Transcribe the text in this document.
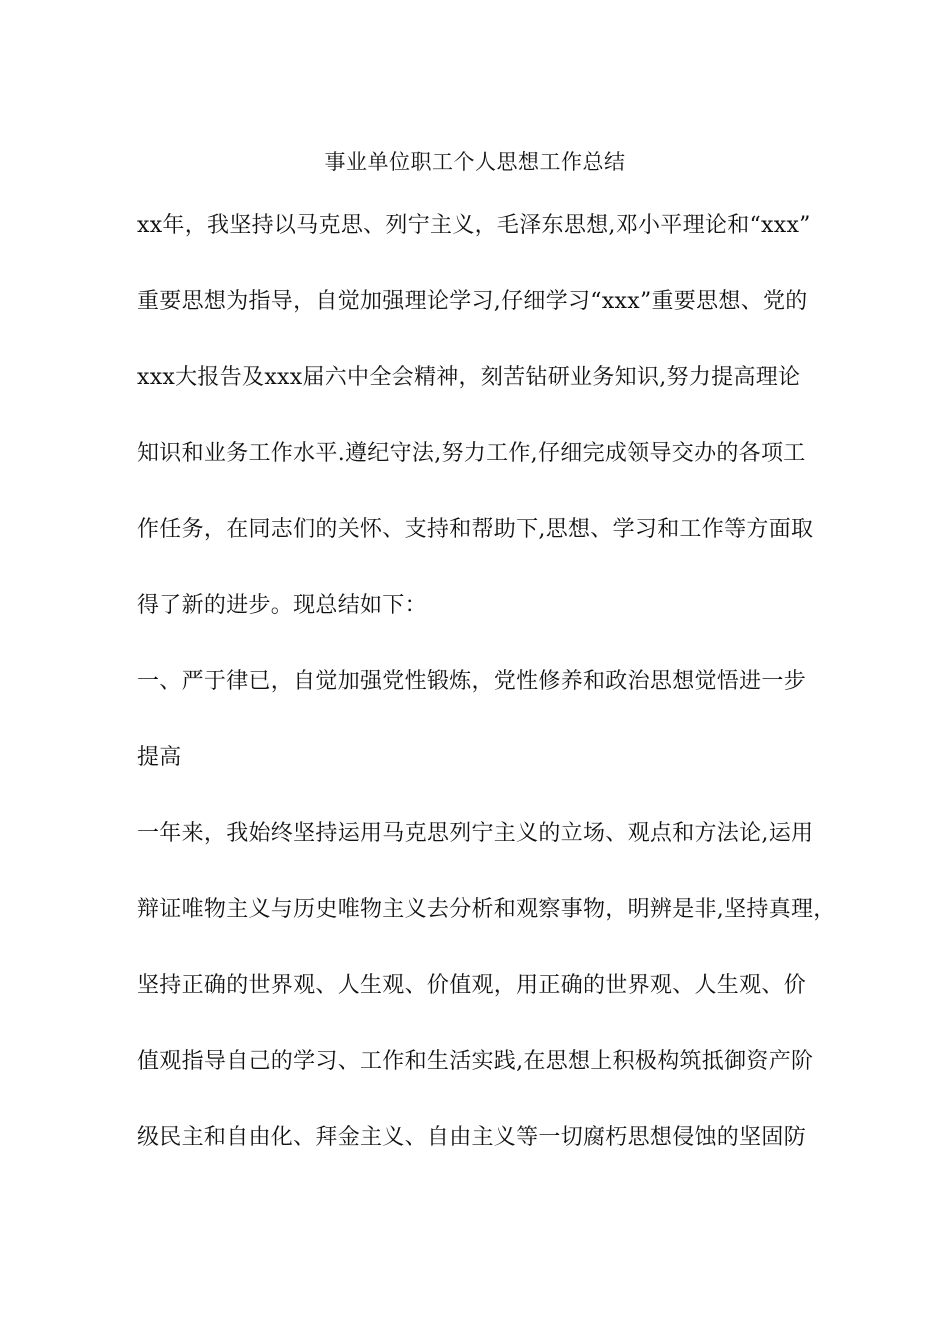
事业单位职工个人思想工作总结
xx年，我坚持以马克思、列宁主义，毛泽东思想,邓小平理论和“xxx”
重要思想为指导，自觉加强理论学习,仔细学习“xxx”重要思想、党的
xxx大报告及xxx届六中全会精神，刻苦钻研业务知识,努力提高理论
知识和业务工作水平.遵纪守法,努力工作,仔细完成领导交办的各项工
作任务，在同志们的关怀、支持和帮助下,思想、学习和工作等方面取
得了新的进步。现总结如下：
一、严于律已，自觉加强党性锻炼，党性修养和政治思想觉悟进一步
提高
一年来，我始终坚持运用马克思列宁主义的立场、观点和方法论,运用
辩证唯物主义与历史唯物主义去分析和观察事物，明辨是非,坚持真理，
坚持正确的世界观、人生观、价值观，用正确的世界观、人生观、价
值观指导自己的学习、工作和生活实践,在思想上积极构筑抵御资产阶
级民主和自由化、拜金主义、自由主义等一切腐朽思想侵蚀的坚固防
